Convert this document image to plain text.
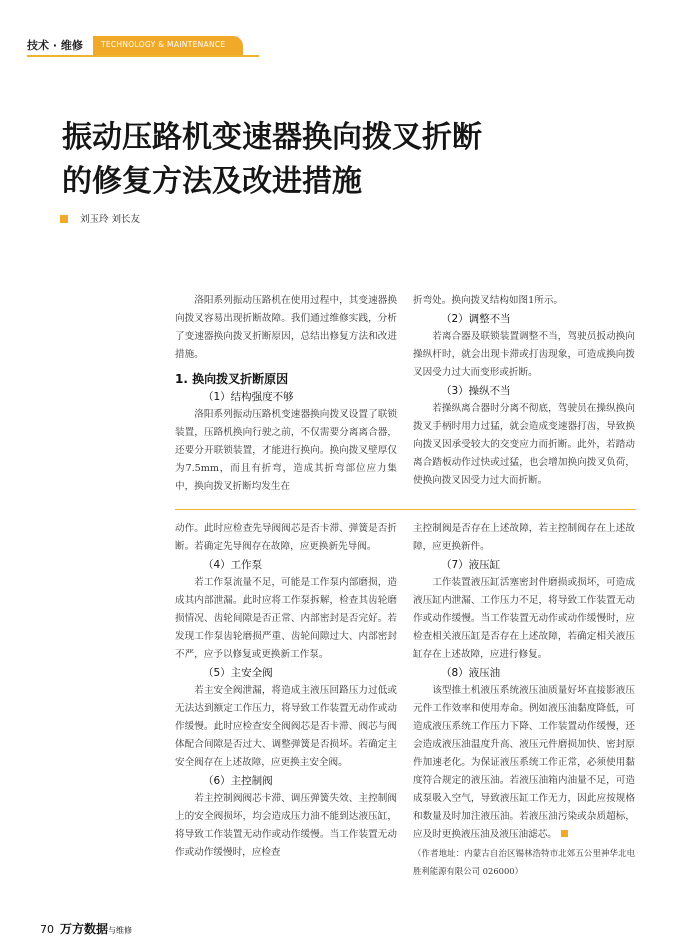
技术 · 维修 TECHNOLOGY & MAINTENANCE
振动压路机变速器换向拨叉折断
的修复方法及改进措施
刘玉玲 刘长友

洛阳系列振动压路机在使用过程中，其变速器换向拨叉容易出现折断故障。我们通过维修实践，分析了变速器换向拨叉折断原因，总结出修复方法和改进措施。

1. 换向拨叉折断原因
（1）结构强度不够

洛阳系列振动压路机变速器换向拨叉设置了联锁装置，压路机换向行驶之前，不仅需要分离离合器，还要分开联锁装置，才能进行换向。换向拨叉壁厚仅为7.5mm，而且有折弯，造成其折弯部位应力集中，换向拨叉折断均发生在

折弯处。换向拨叉结构如图1所示。

（2）调整不当

若离合器及联锁装置调整不当，驾驶员扳动换向操纵杆时，就会出现卡滞或打齿现象，可造成换向拨叉因受力过大而变形或折断。

（3）操纵不当

若操纵离合器时分离不彻底，驾驶员在操纵换向拨叉手柄时用力过猛，就会造成变速器打齿，导致换向拨叉因承受较大的交变应力而折断。此外，若踏动离合踏板动作过快或过猛，也会增加换向拨叉负荷，使换向拨叉因受力过大而折断。

动作。此时应检查先导阀阀芯是否卡滞、弹簧是否折断。若确定先导阀存在故障，应更换新先导阀。

（4）工作泵

若工作泵流量不足，可能是工作泵内部磨损，造成其内部泄漏。此时应将工作泵拆解，检查其齿轮磨损情况、齿轮间隙是否正常、内部密封是否完好。若发现工作泵齿轮磨损严重、齿轮间隙过大、内部密封不严，应予以修复或更换新工作泵。

（5）主安全阀

若主安全阀泄漏，将造成主液压回路压力过低或无法达到额定工作压力，将导致工作装置无动作或动作缓慢。此时应检查安全阀阀芯是否卡滞、阀芯与阀体配合间隙是否过大、调整弹簧是否损坏。若确定主安全阀存在上述故障，应更换主安全阀。

（6）主控制阀

若主控制阀阀芯卡滞、调压弹簧失效、主控制阀上的安全阀损坏，均会造成压力油不能到达液压缸，将导致工作装置无动作或动作缓慢。当工作装置无动作或动作缓慢时，应检查

主控制阀是否存在上述故障，若主控制阀存在上述故障，应更换新件。

（7）液压缸

工作装置液压缸活塞密封件磨损或损坏，可造成液压缸内泄漏、工作压力不足，将导致工作装置无动作或动作缓慢。当工作装置无动作或动作缓慢时，应检查相关液压缸是否存在上述故障，若确定相关液压缸存在上述故障，应进行修复。

（8）液压油

该型推土机液压系统液压油质量好坏直接影液压元件工作效率和使用寿命。例如液压油黏度降低，可造成液压系统工作压力下降、工作装置动作缓慢，还会造成液压油温度升高、液压元件磨损加快、密封原件加速老化。为保证液压系统工作正常，必须使用黏度符合规定的液压油。若液压油箱内油量不足，可造成泵吸入空气，导致液压缸工作无力，因此应按规格和数量及时加注液压油。若液压油污染或杂质超标，应及时更换液压油及液压油滤芯。

（作者地址：内蒙古自治区锡林浩特市北郊五公里神华北电胜利能源有限公司 026000）

70 万方数据与维修
